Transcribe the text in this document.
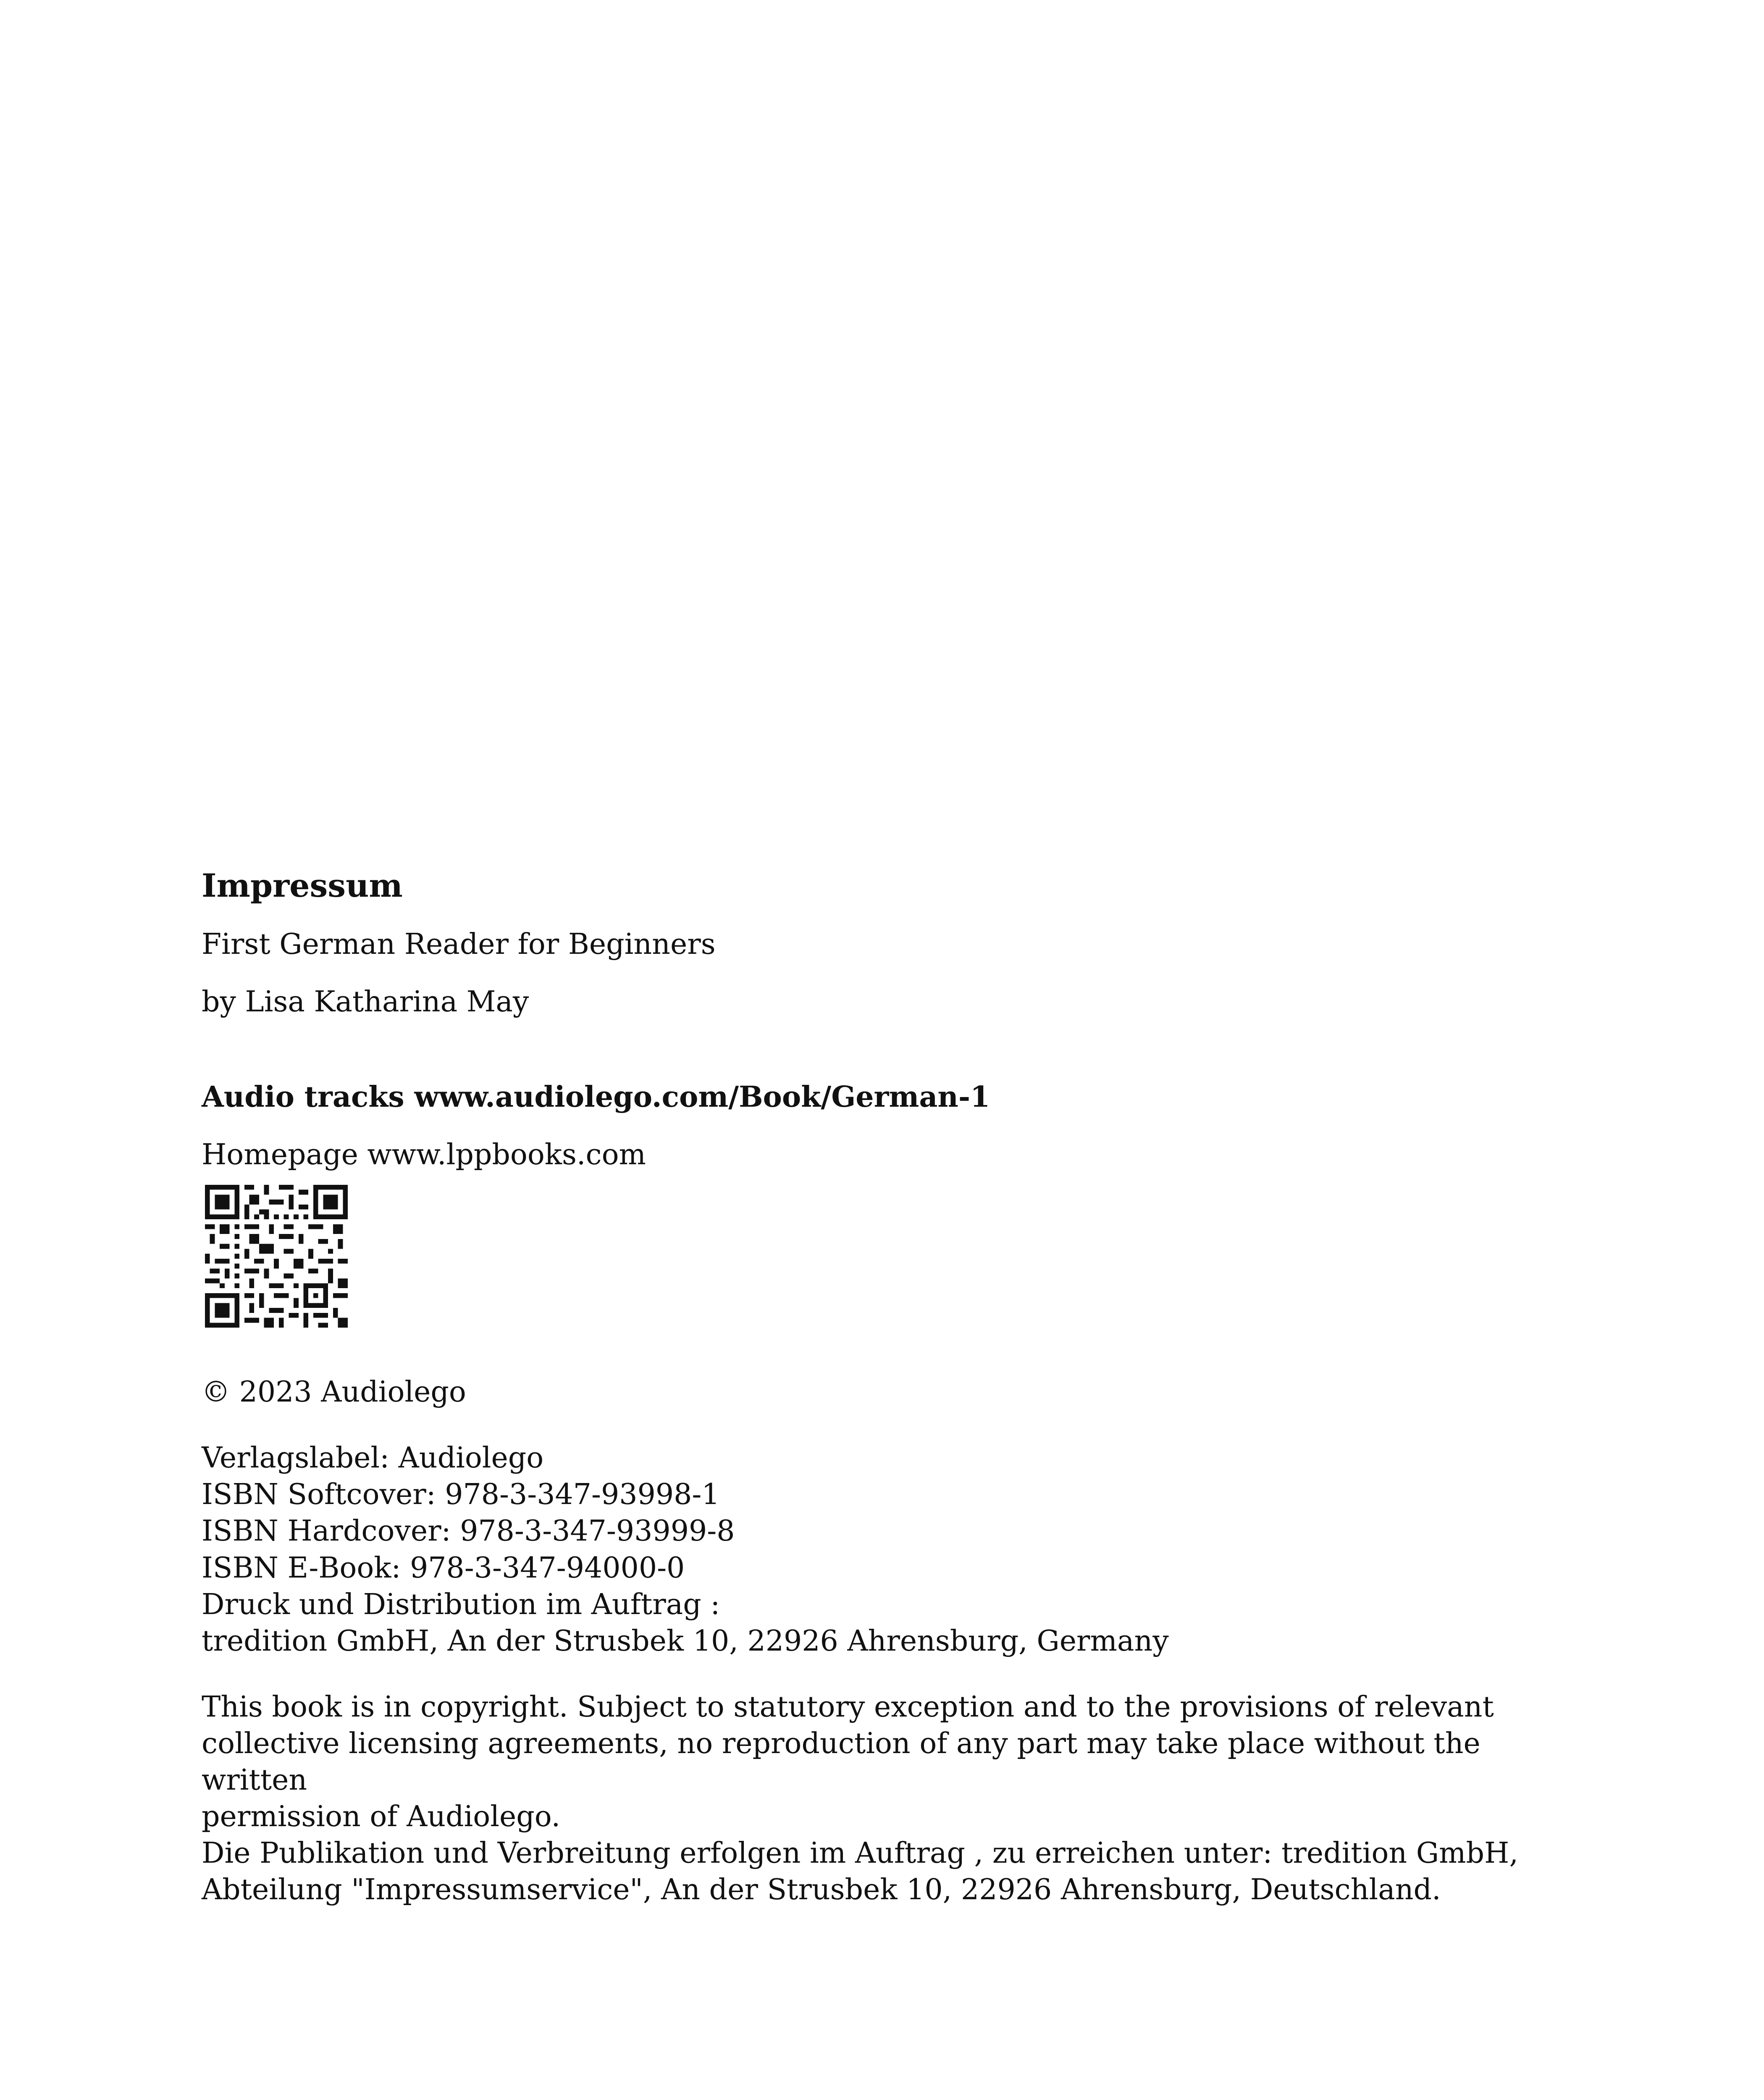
Impressum
First German Reader for Beginners
by Lisa Katharina May
Audio tracks www.audiolego.com/Book/German-1
Homepage www.lppbooks.com
© 2023 Audiolego
Verlagslabel: Audiolego
ISBN Softcover: 978-3-347-93998-1
ISBN Hardcover: 978-3-347-93999-8
ISBN E-Book: 978-3-347-94000-0
Druck und Distribution im Auftrag :
tredition GmbH, An der Strusbek 10, 22926 Ahrensburg, Germany
This book is in copyright. Subject to statutory exception and to the provisions of relevant
collective licensing agreements, no reproduction of any part may take place without the written
permission of Audiolego.
Die Publikation und Verbreitung erfolgen im Auftrag , zu erreichen unter: tredition GmbH,
Abteilung "Impressumservice", An der Strusbek 10, 22926 Ahrensburg, Deutschland.
